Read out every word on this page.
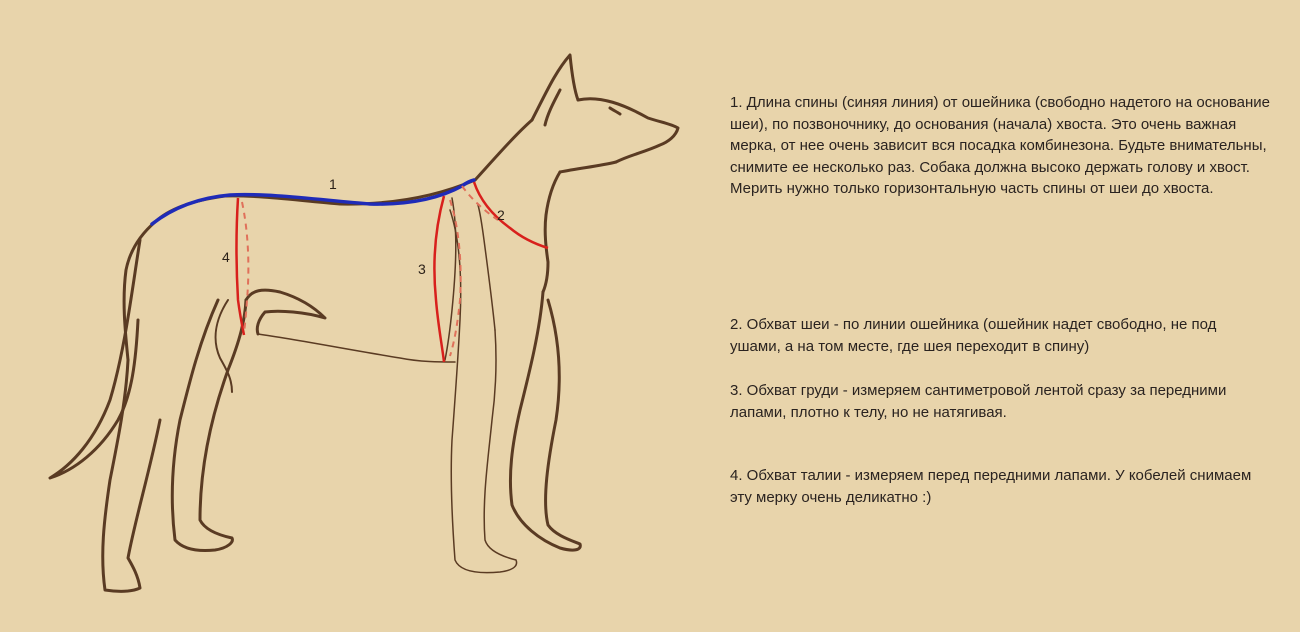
1
2
3
4

1. Длина спины (синяя линия) от ошейника (свободно надетого на основание шеи), по позвоночнику, до основания (начала) хвоста. Это очень важная мерка, от нее очень зависит вся посадка комбинезона. Будьте внимательны, снимите ее несколько раз. Собака должна высоко держать голову и хвост. Мерить нужно только горизонтальную часть спины от шеи до хвоста.

2. Обхват шеи - по линии ошейника (ошейник надет свободно, не под ушами, а на том месте, где шея переходит в спину)

3. Обхват груди - измеряем сантиметровой лентой сразу за передними лапами, плотно к телу, но не натягивая.

4. Обхват талии - измеряем перед передними лапами. У кобелей снимаем эту мерку очень деликатно :)
